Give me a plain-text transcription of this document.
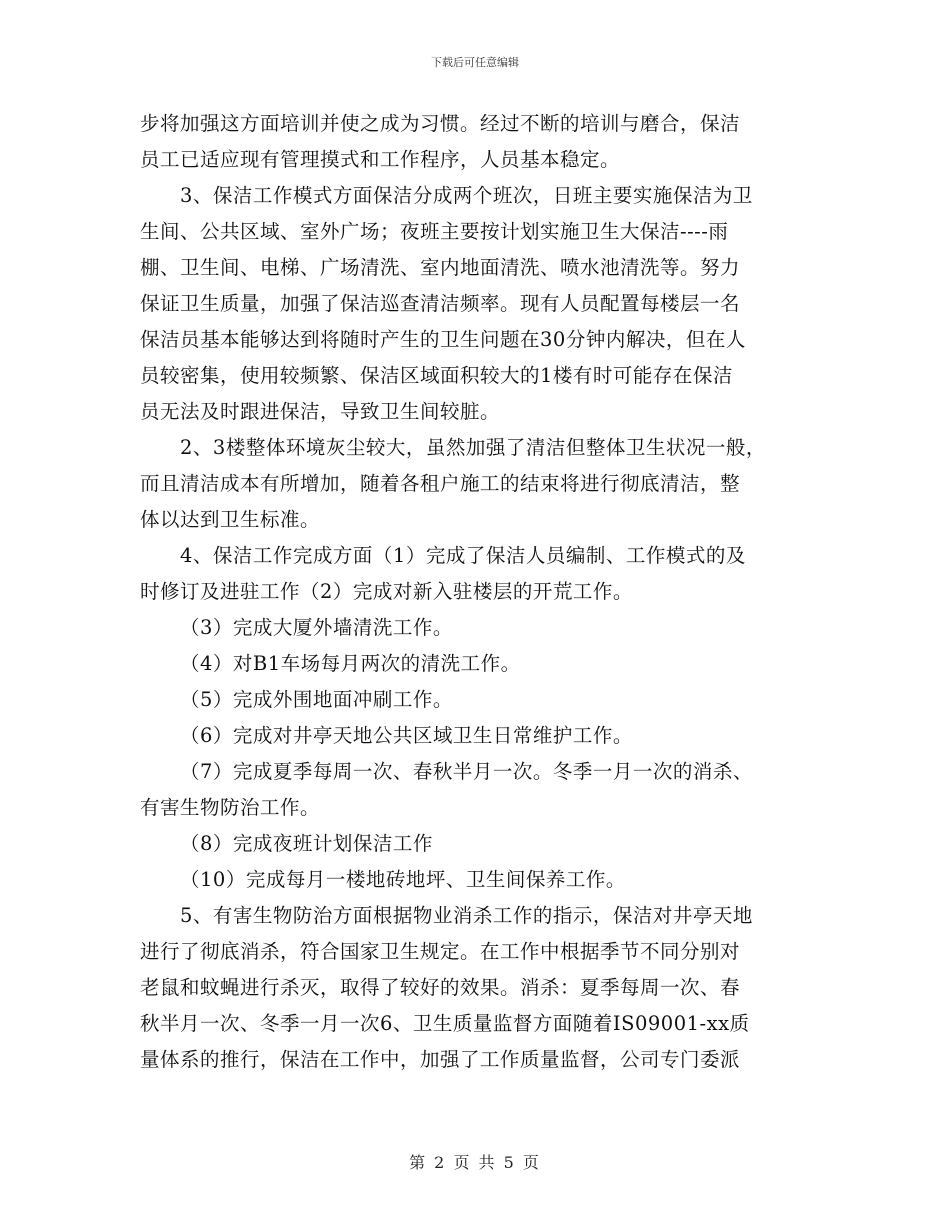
下载后可任意编辑
步将加强这方面培训并使之成为习惯。经过不断的培训与磨合，保洁
员工已适应现有管理摸式和工作程序，人员基本稳定。
3、保洁工作模式方面保洁分成两个班次，日班主要实施保洁为卫
生间、公共区域、室外广场；夜班主要按计划实施卫生大保洁----雨
棚、卫生间、电梯、广场清洗、室内地面清洗、喷水池清洗等。努力
保证卫生质量，加强了保洁巡查清洁频率。现有人员配置每楼层一名
保洁员基本能够达到将随时产生的卫生问题在30分钟内解决，但在人
员较密集，使用较频繁、保洁区域面积较大的1楼有时可能存在保洁
员无法及时跟进保洁，导致卫生间较脏。
2、3楼整体环境灰尘较大，虽然加强了清洁但整体卫生状况一般，
而且清洁成本有所增加，随着各租户施工的结束将进行彻底清洁，整
体以达到卫生标准。
4、保洁工作完成方面（1）完成了保洁人员编制、工作模式的及
时修订及进驻工作（2）完成对新入驻楼层的开荒工作。
（3）完成大厦外墙清洗工作。
（4）对B1车场每月两次的清洗工作。
（5）完成外围地面冲刷工作。
（6）完成对井亭天地公共区域卫生日常维护工作。
（7）完成夏季每周一次、春秋半月一次。冬季一月一次的消杀、
有害生物防治工作。
（8）完成夜班计划保洁工作
（10）完成每月一楼地砖地坪、卫生间保养工作。
5、有害生物防治方面根据物业消杀工作的指示，保洁对井亭天地
进行了彻底消杀，符合国家卫生规定。在工作中根据季节不同分别对
老鼠和蚊蝇进行杀灭，取得了较好的效果。消杀：夏季每周一次、春
秋半月一次、冬季一月一次6、卫生质量监督方面随着IS09001-xx质
量体系的推行，保洁在工作中，加强了工作质量监督，公司专门委派
第 2 页 共 5 页
